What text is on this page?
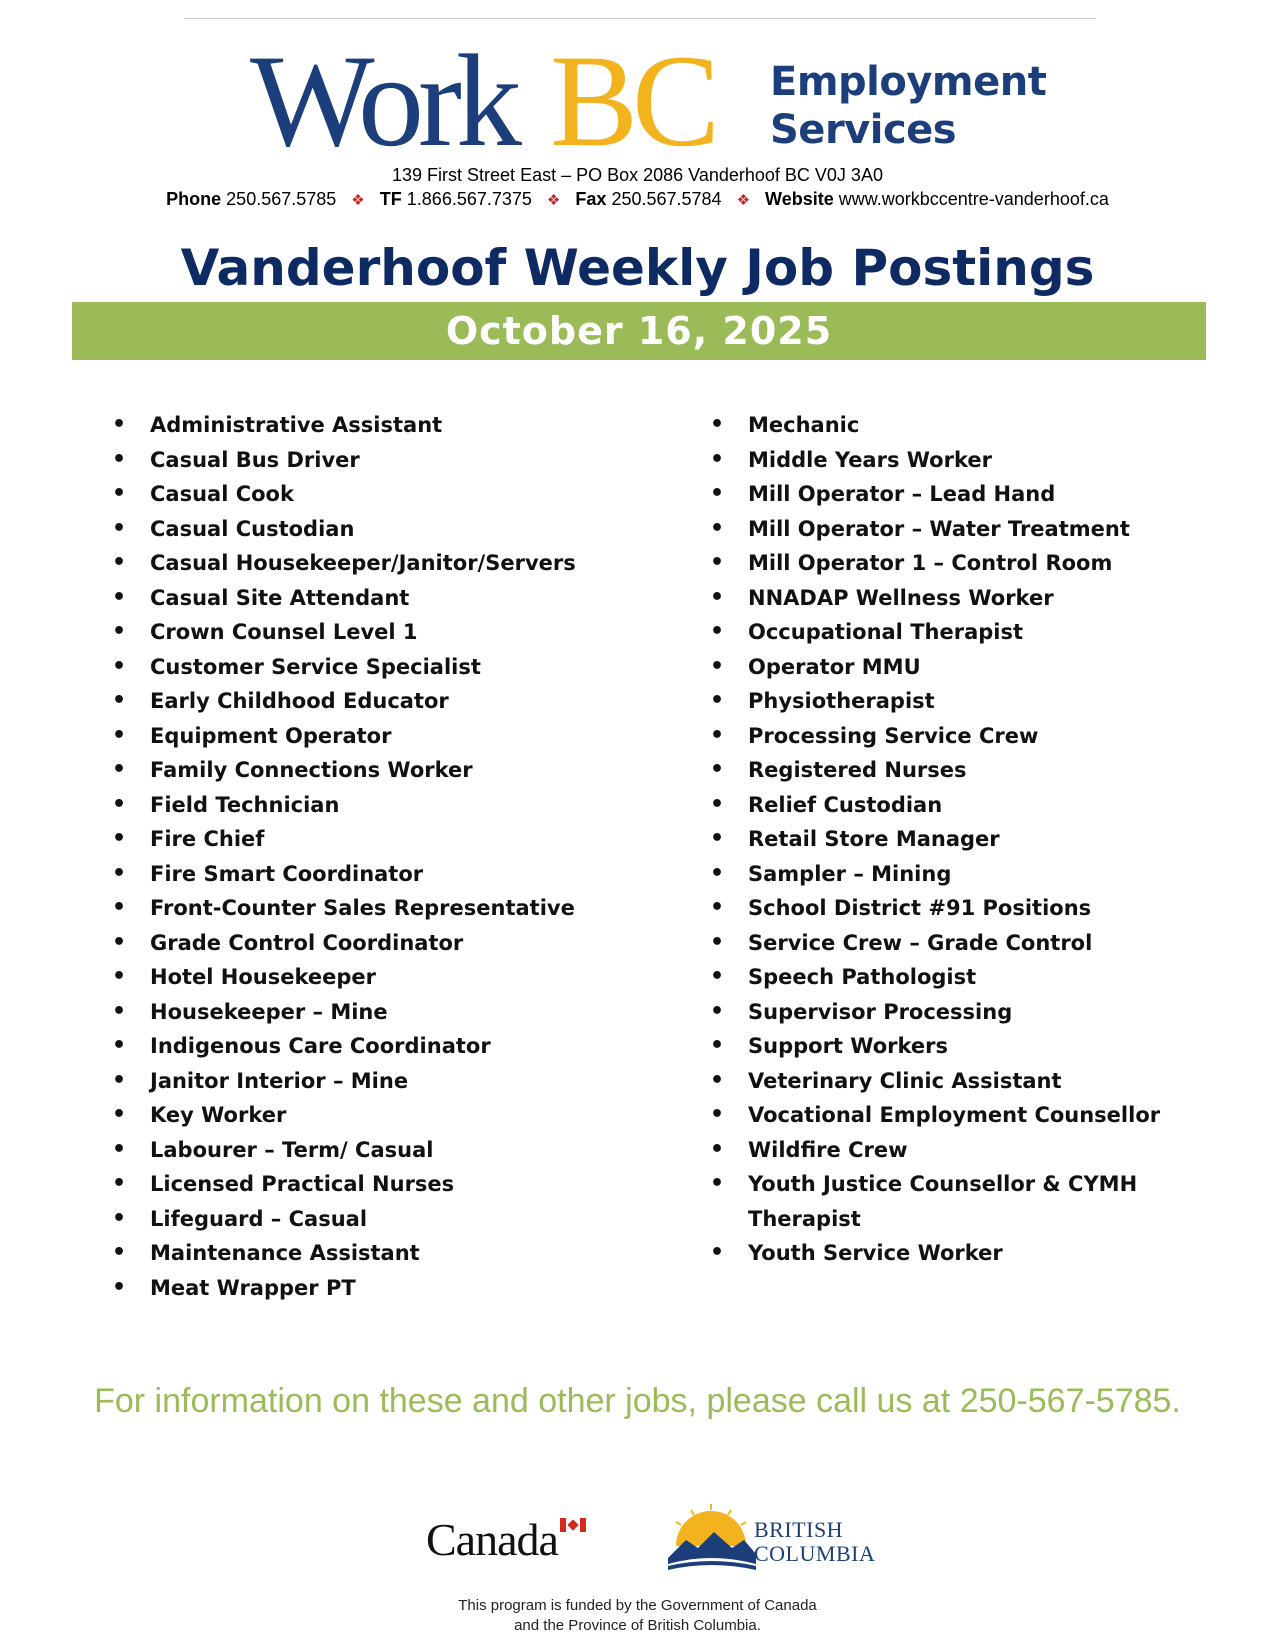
Work BC Employment
Services
139 First Street East – PO Box 2086 Vanderhoof BC V0J 3A0
Phone 250.567.5785 ❖ TF 1.866.567.7375 ❖ Fax 250.567.5784 ❖ Website www.workbccentre-vanderhoof.ca
Vanderhoof Weekly Job Postings
October 16, 2025
• Administrative Assistant
• Casual Bus Driver
• Casual Cook
• Casual Custodian
• Casual Housekeeper/Janitor/Servers
• Casual Site Attendant
• Crown Counsel Level 1
• Customer Service Specialist
• Early Childhood Educator
• Equipment Operator
• Family Connections Worker
• Field Technician
• Fire Chief
• Fire Smart Coordinator
• Front-Counter Sales Representative
• Grade Control Coordinator
• Hotel Housekeeper
• Housekeeper – Mine
• Indigenous Care Coordinator
• Janitor Interior – Mine
• Key Worker
• Labourer – Term/ Casual
• Licensed Practical Nurses
• Lifeguard – Casual
• Maintenance Assistant
• Meat Wrapper PT
• Mechanic
• Middle Years Worker
• Mill Operator – Lead Hand
• Mill Operator – Water Treatment
• Mill Operator 1 – Control Room
• NNADAP Wellness Worker
• Occupational Therapist
• Operator MMU
• Physiotherapist
• Processing Service Crew
• Registered Nurses
• Relief Custodian
• Retail Store Manager
• Sampler – Mining
• School District #91 Positions
• Service Crew – Grade Control
• Speech Pathologist
• Supervisor Processing
• Support Workers
• Veterinary Clinic Assistant
• Vocational Employment Counsellor
• Wildfire Crew
• Youth Justice Counsellor & CYMH Therapist
• Youth Service Worker
For information on these and other jobs, please call us at 250-567-5785.
Canada	BRITISH
COLUMBIA
This program is funded by the Government of Canada
and the Province of British Columbia.
